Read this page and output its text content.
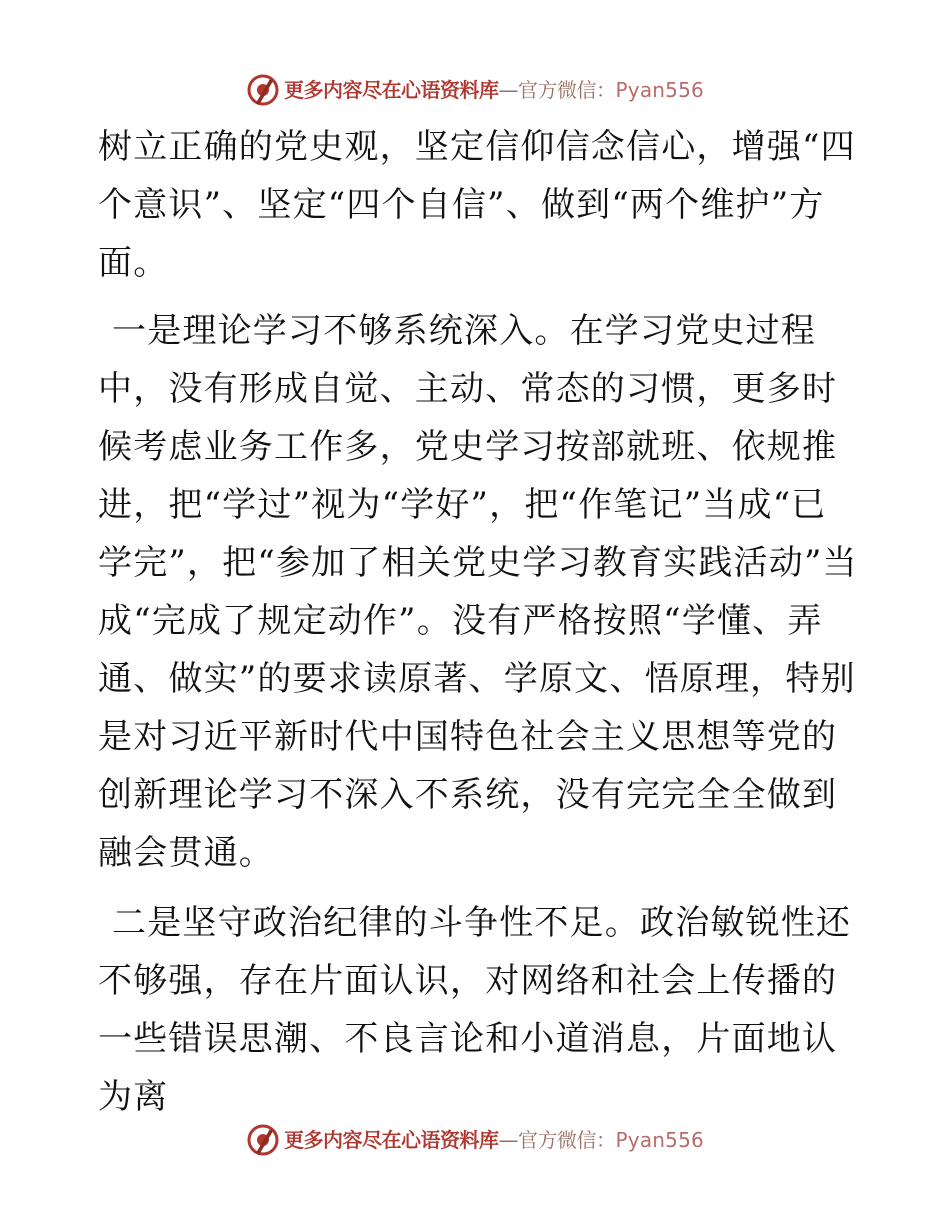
更多内容尽在心语资料库—官方微信：Pyan556

树立正确的党史观，坚定信仰信念信心，增强“四个意识”、坚定“四个自信”、做到“两个维护”方面。

一是理论学习不够系统深入。在学习党史过程中，没有形成自觉、主动、常态的习惯，更多时候考虑业务工作多，党史学习按部就班、依规推进，把“学过”视为“学好”，把“作笔记”当成“已学完”，把“参加了相关党史学习教育实践活动”当成“完成了规定动作”。没有严格按照“学懂、弄通、做实”的要求读原著、学原文、悟原理，特别是对习近平新时代中国特色社会主义思想等党的创新理论学习不深入不系统，没有完完全全做到融会贯通。

二是坚守政治纪律的斗争性不足。政治敏锐性还不够强，存在片面认识，对网络和社会上传播的一些错误思潮、不良言论和小道消息，片面地认为离

更多内容尽在心语资料库—官方微信：Pyan556
